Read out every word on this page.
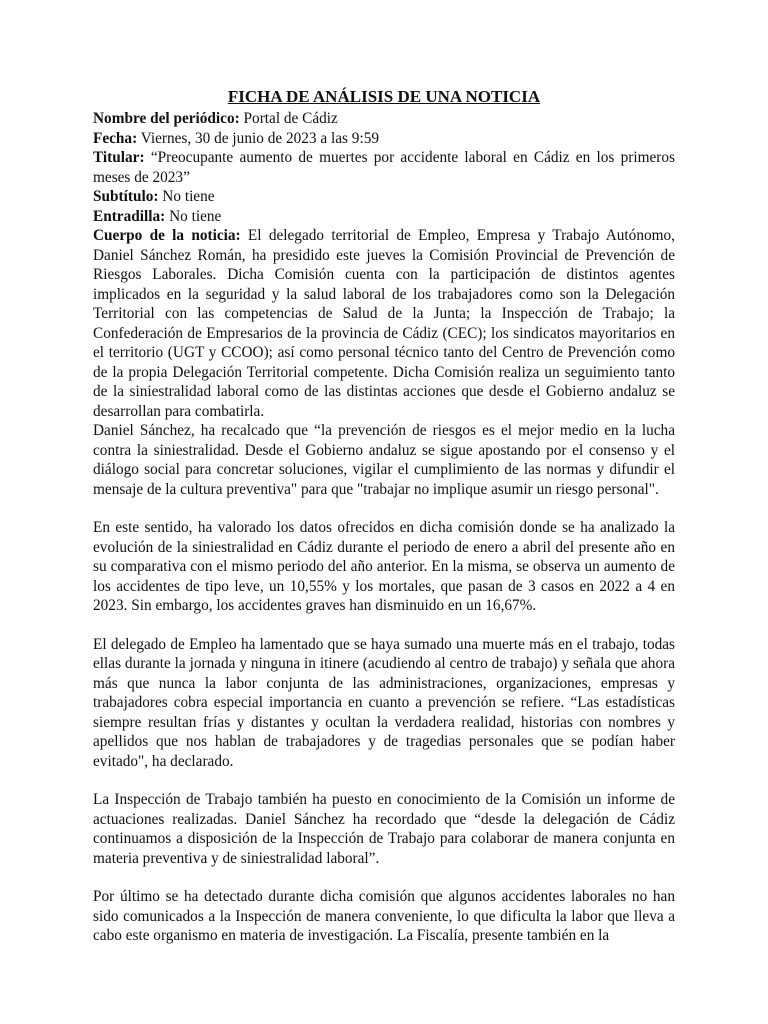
FICHA DE ANÁLISIS DE UNA NOTICIA
Nombre del periódico: Portal de Cádiz
Fecha: Viernes, 30 de junio de 2023 a las 9:59
Titular: “Preocupante aumento de muertes por accidente laboral en Cádiz en los primeros meses de 2023”
Subtítulo: No tiene
Entradilla: No tiene

Cuerpo de la noticia: El delegado territorial de Empleo, Empresa y Trabajo Autónomo, Daniel Sánchez Román, ha presidido este jueves la Comisión Provincial de Prevención de Riesgos Laborales. Dicha Comisión cuenta con la participación de distintos agentes implicados en la seguridad y la salud laboral de los trabajadores como son la Delegación Territorial con las competencias de Salud de la Junta; la Inspección de Trabajo; la Confederación de Empresarios de la provincia de Cádiz (CEC); los sindicatos mayoritarios en el territorio (UGT y CCOO); así como personal técnico tanto del Centro de Prevención como de la propia Delegación Territorial competente. Dicha Comisión realiza un seguimiento tanto de la siniestralidad laboral como de las distintas acciones que desde el Gobierno andaluz se desarrollan para combatirla.

Daniel Sánchez, ha recalcado que “la prevención de riesgos es el mejor medio en la lucha contra la siniestralidad. Desde el Gobierno andaluz se sigue apostando por el consenso y el diálogo social para concretar soluciones, vigilar el cumplimiento de las normas y difundir el mensaje de la cultura preventiva" para que "trabajar no implique asumir un riesgo personal".

En este sentido, ha valorado los datos ofrecidos en dicha comisión donde se ha analizado la evolución de la siniestralidad en Cádiz durante el periodo de enero a abril del presente año en su comparativa con el mismo periodo del año anterior. En la misma, se observa un aumento de los accidentes de tipo leve, un 10,55% y los mortales, que pasan de 3 casos en 2022 a 4 en 2023. Sin embargo, los accidentes graves han disminuido en un 16,67%.

El delegado de Empleo ha lamentado que se haya sumado una muerte más en el trabajo, todas ellas durante la jornada y ninguna in itinere (acudiendo al centro de trabajo) y señala que ahora más que nunca la labor conjunta de las administraciones, organizaciones, empresas y trabajadores cobra especial importancia en cuanto a prevención se refiere. “Las estadísticas siempre resultan frías y distantes y ocultan la verdadera realidad, historias con nombres y apellidos que nos hablan de trabajadores y de tragedias personales que se podían haber evitado", ha declarado.

La Inspección de Trabajo también ha puesto en conocimiento de la Comisión un informe de actuaciones realizadas. Daniel Sánchez ha recordado que “desde la delegación de Cádiz continuamos a disposición de la Inspección de Trabajo para colaborar de manera conjunta en materia preventiva y de siniestralidad laboral”.

Por último se ha detectado durante dicha comisión que algunos accidentes laborales no han sido comunicados a la Inspección de manera conveniente, lo que dificulta la labor que lleva a cabo este organismo en materia de investigación. La Fiscalía, presente también en la
